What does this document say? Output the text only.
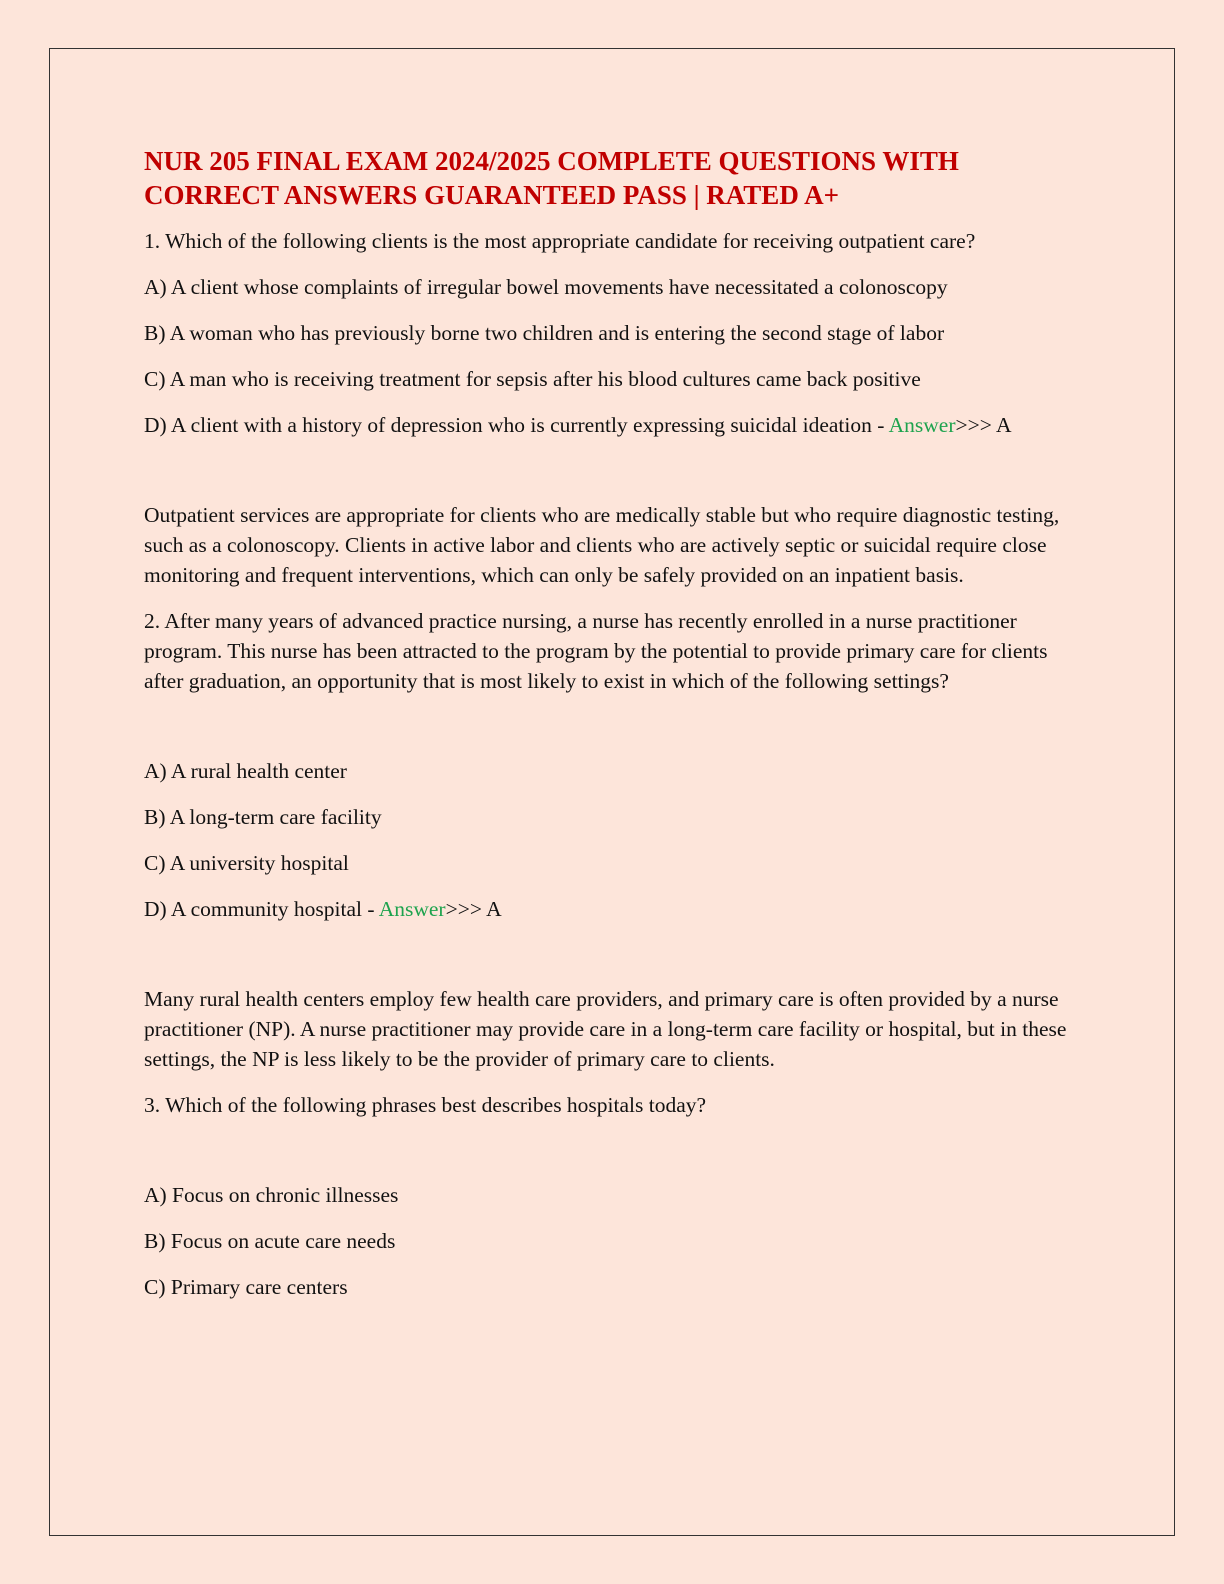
NUR 205 FINAL EXAM 2024/2025 COMPLETE QUESTIONS WITH CORRECT ANSWERS GUARANTEED PASS | RATED A+

1. Which of the following clients is the most appropriate candidate for receiving outpatient care?

A) A client whose complaints of irregular bowel movements have necessitated a colonoscopy

B) A woman who has previously borne two children and is entering the second stage of labor

C) A man who is receiving treatment for sepsis after his blood cultures came back positive

D) A client with a history of depression who is currently expressing suicidal ideation - Answer>>> A

Outpatient services are appropriate for clients who are medically stable but who require diagnostic testing, such as a colonoscopy. Clients in active labor and clients who are actively septic or suicidal require close monitoring and frequent interventions, which can only be safely provided on an inpatient basis.

2. After many years of advanced practice nursing, a nurse has recently enrolled in a nurse practitioner program. This nurse has been attracted to the program by the potential to provide primary care for clients after graduation, an opportunity that is most likely to exist in which of the following settings?

A) A rural health center

B) A long-term care facility

C) A university hospital

D) A community hospital - Answer>>> A

Many rural health centers employ few health care providers, and primary care is often provided by a nurse practitioner (NP). A nurse practitioner may provide care in a long-term care facility or hospital, but in these settings, the NP is less likely to be the provider of primary care to clients.

3. Which of the following phrases best describes hospitals today?

A) Focus on chronic illnesses

B) Focus on acute care needs

C) Primary care centers
